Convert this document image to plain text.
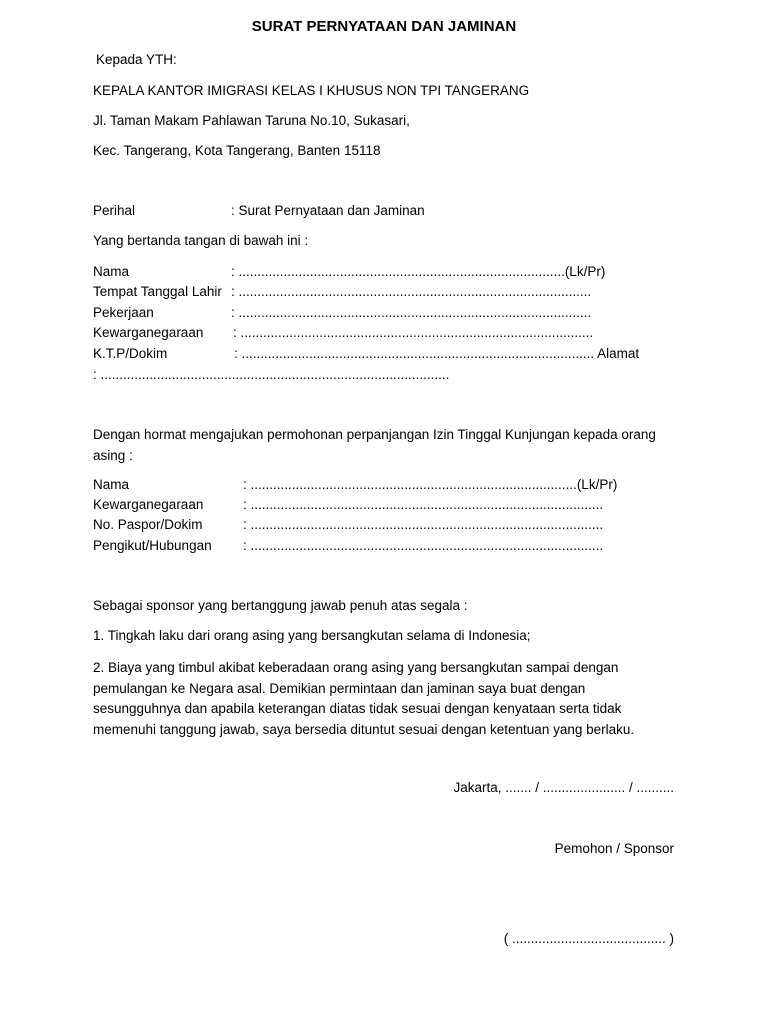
SURAT PERNYATAAN DAN JAMINAN
Kepada YTH:
KEPALA KANTOR IMIGRASI KELAS I KHUSUS NON TPI TANGERANG
Jl. Taman Makam Pahlawan Taruna No.10, Sukasari,
Kec. Tangerang, Kota Tangerang, Banten 15118
Perihal	: Surat Pernyataan dan Jaminan
Yang bertanda tangan di bawah ini :
Nama	: .......................................................................................(Lk/Pr)
Tempat Tanggal Lahir : ..............................................................................................
Pekerjaan	: ..............................................................................................
Kewarganegaraan : ..............................................................................................
K.T.P/Dokim	: .............................................................................................. Alamat
: .............................................................................................
Dengan hormat mengajukan permohonan perpanjangan Izin Tinggal Kunjungan kepada orang asing :
Nama	: .......................................................................................(Lk/Pr)
Kewarganegaraan	: ..............................................................................................
No. Paspor/Dokim	: ..............................................................................................
Pengikut/Hubungan : ..............................................................................................
Sebagai sponsor yang bertanggung jawab penuh atas segala :
1. Tingkah laku dari orang asing yang bersangkutan selama di Indonesia;
2. Biaya yang timbul akibat keberadaan orang asing yang bersangkutan sampai dengan pemulangan ke Negara asal. Demikian permintaan dan jaminan saya buat dengan sesungguhnya dan apabila keterangan diatas tidak sesuai dengan kenyataan serta tidak memenuhi tanggung jawab, saya bersedia dituntut sesuai dengan ketentuan yang berlaku.
Jakarta, ....... / ...................... / ..........
Pemohon / Sponsor
( ......................................... )
